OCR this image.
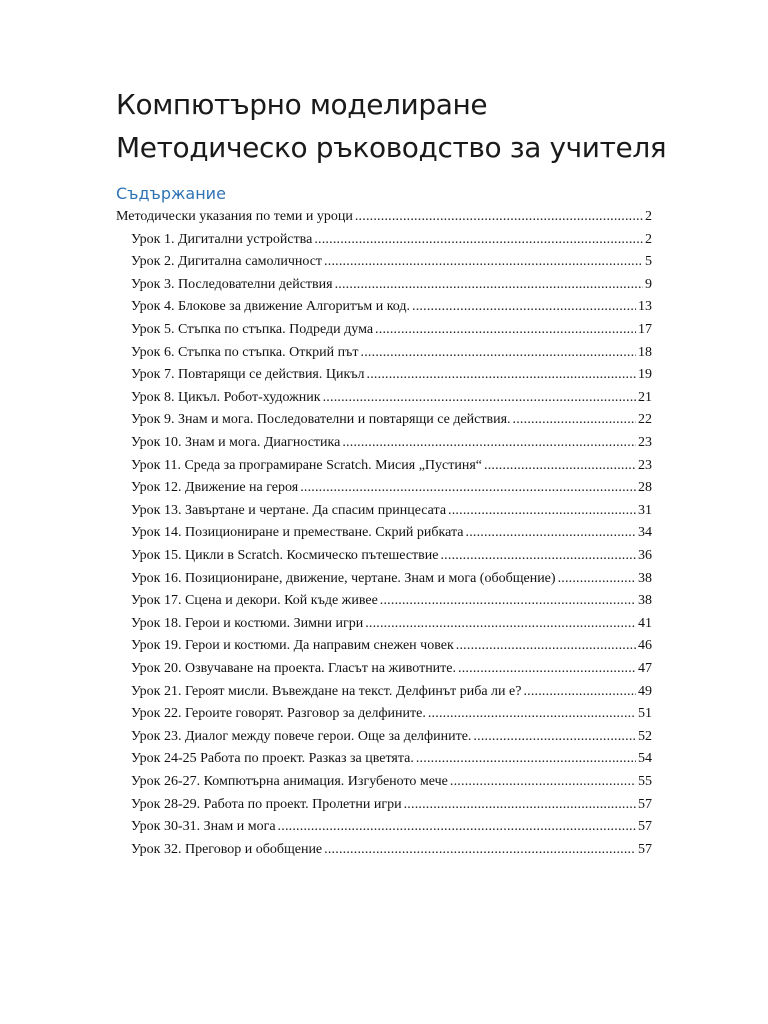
Компютърно моделиране
Методическо ръководство за учителя
Съдържание
Методически указания по теми и уроци .....	2
Урок 1. Дигитални устройства .....	2
Урок 2. Дигитална самоличност .....	5
Урок 3. Последователни действия .....	9
Урок 4. Блокове за движение Алгоритъм и код. .....	13
Урок 5. Стъпка по стъпка. Подреди дума .....	17
Урок 6. Стъпка по стъпка. Открий път .....	18
Урок 7. Повтарящи се действия. Цикъл .....	19
Урок 8. Цикъл. Робот-художник .....	21
Урок 9. Знам и мога. Последователни и повтарящи се действия. .....	22
Урок 10. Знам и мога. Диагностика .....	23
Урок 11. Среда за програмиране Scratch. Мисия „Пустиня“ .....	23
Урок 12. Движение на героя .....	28
Урок 13. Завъртане и чертане. Да спасим принцесата .....	31
Урок 14. Позициониране и преместване. Скрий рибката .....	34
Урок 15. Цикли в Scratch. Космическо пътешествие .....	36
Урок 16. Позициониране, движение, чертане. Знам и мога (обобщение) .....	38
Урок 17. Сцена и декори. Кой къде живее .....	38
Урок 18. Герои и костюми. Зимни игри .....	41
Урок 19. Герои и костюми. Да направим снежен човек .....	46
Урок 20. Озвучаване на проекта. Гласът на животните. .....	47
Урок 21. Героят мисли. Въвеждане на текст. Делфинът риба ли е? .....	49
Урок 22. Героите говорят. Разговор за делфините. .....	51
Урок 23. Диалог между повече герои. Още за делфините. .....	52
Урок 24-25 Работа по проект. Разказ за цветята. .....	54
Урок 26-27. Компютърна анимация. Изгубеното мече .....	55
Урок 28-29. Работа по проект. Пролетни игри .....	57
Урок 30-31. Знам и мога .....	57
Урок 32. Преговор и обобщение .....	57
